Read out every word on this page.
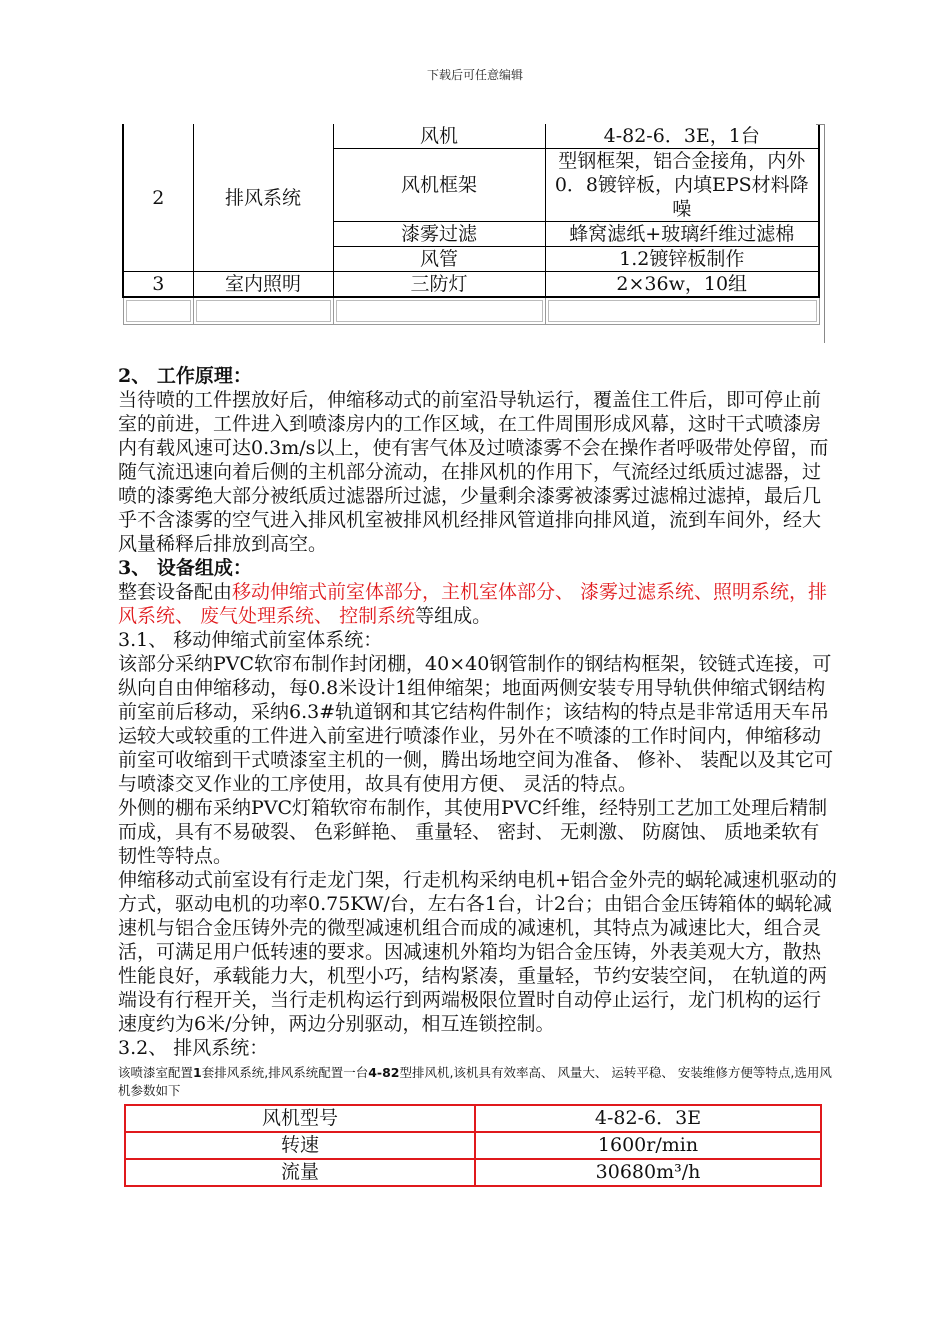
下载后可任意编辑
2	排风系统	风机	4-82-6．3E，1台
		风机框架	型钢框架，铝合金接角，内外0．8镀锌板，内填EPS材料降噪
		漆雾过滤	蜂窝滤纸+玻璃纤维过滤棉
		风管	1.2镀锌板制作
3	室内照明	三防灯	2×36w，10组

2、 工作原理：

当待喷的工件摆放好后，伸缩移动式的前室沿导轨运行，覆盖住工件后，即可停止前室的前进，工件进入到喷漆房内的工作区域，在工件周围形成风幕，这时干式喷漆房内有载风速可达0.3m/s以上，使有害气体及过喷漆雾不会在操作者呼吸带处停留，而随气流迅速向着后侧的主机部分流动，在排风机的作用下，气流经过纸质过滤器，过喷的漆雾绝大部分被纸质过滤器所过滤，少量剩余漆雾被漆雾过滤棉过滤掉，最后几乎不含漆雾的空气进入排风机室被排风机经排风管道排向排风道，流到车间外，经大风量稀释后排放到高空。

3、 设备组成：

整套设备配由移动伸缩式前室体部分，主机室体部分、 漆雾过滤系统、照明系统，排风系统、 废气处理系统、 控制系统等组成。

3.1、 移动伸缩式前室体系统：

该部分采纳PVC软帘布制作封闭棚，40×40钢管制作的钢结构框架，铰链式连接，可纵向自由伸缩移动，每0.8米设计1组伸缩架；地面两侧安装专用导轨供伸缩式钢结构前室前后移动，采纳6.3#轨道钢和其它结构件制作；该结构的特点是非常适用天车吊运较大或较重的工件进入前室进行喷漆作业，另外在不喷漆的工作时间内，伸缩移动前室可收缩到干式喷漆室主机的一侧，腾出场地空间为准备、 修补、 装配以及其它可与喷漆交叉作业的工序使用，故具有使用方便、 灵活的特点。

外侧的棚布采纳PVC灯箱软帘布制作，其使用PVC纤维，经特别工艺加工处理后精制而成，具有不易破裂、 色彩鲜艳、 重量轻、 密封、 无刺激、 防腐蚀、 质地柔软有韧性等特点。

伸缩移动式前室设有行走龙门架，行走机构采纳电机+铝合金外壳的蜗轮减速机驱动的方式，驱动电机的功率0.75KW/台，左右各1台，计2台；由铝合金压铸箱体的蜗轮减速机与铝合金压铸外壳的微型减速机组合而成的减速机，其特点为减速比大，组合灵活，可满足用户低转速的要求。因减速机外箱均为铝合金压铸，外表美观大方，散热性能良好，承载能力大，机型小巧，结构紧凑，重量轻，节约安装空间， 在轨道的两端设有行程开关，当行走机构运行到两端极限位置时自动停止运行，龙门机构的运行速度约为6米/分钟，两边分别驱动，相互连锁控制。

3.2、 排风系统：

该喷漆室配置1套排风系统,排风系统配置一台4-82型排风机,该机具有效率高、 风量大、 运转平稳、 安装维修方便等特点,选用风机参数如下

风机型号	4-82-6．3E
转速	1600r/min
流量	30680m³/h
